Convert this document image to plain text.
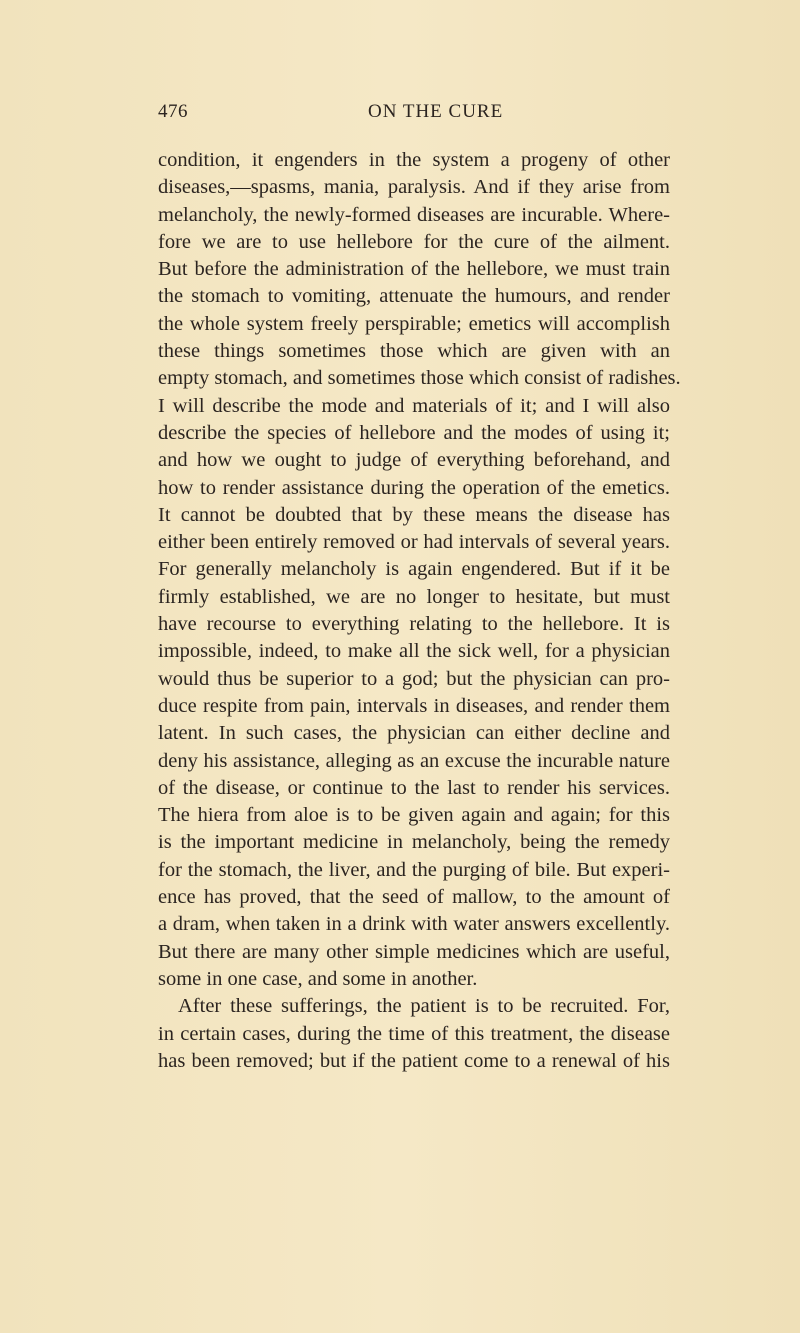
476	ON THE CURE
condition, it engenders in the system a progeny of other
diseases,—spasms, mania, paralysis. And if they arise from
melancholy, the newly-formed diseases are incurable. Where-
fore we are to use hellebore for the cure of the ailment.
But before the administration of the hellebore, we must train
the stomach to vomiting, attenuate the humours, and render
the whole system freely perspirable; emetics will accomplish
these things sometimes those which are given with an
empty stomach, and sometimes those which consist of radishes.
I will describe the mode and materials of it; and I will also
describe the species of hellebore and the modes of using it;
and how we ought to judge of everything beforehand, and
how to render assistance during the operation of the emetics.
It cannot be doubted that by these means the disease has
either been entirely removed or had intervals of several years.
For generally melancholy is again engendered. But if it be
firmly established, we are no longer to hesitate, but must
have recourse to everything relating to the hellebore. It is
impossible, indeed, to make all the sick well, for a physician
would thus be superior to a god; but the physician can pro-
duce respite from pain, intervals in diseases, and render them
latent. In such cases, the physician can either decline and
deny his assistance, alleging as an excuse the incurable nature
of the disease, or continue to the last to render his services.
The hiera from aloe is to be given again and again; for this
is the important medicine in melancholy, being the remedy
for the stomach, the liver, and the purging of bile. But experi-
ence has proved, that the seed of mallow, to the amount of
a dram, when taken in a drink with water answers excellently.
But there are many other simple medicines which are useful,
some in one case, and some in another.
After these sufferings, the patient is to be recruited. For,
in certain cases, during the time of this treatment, the disease
has been removed; but if the patient come to a renewal of his
